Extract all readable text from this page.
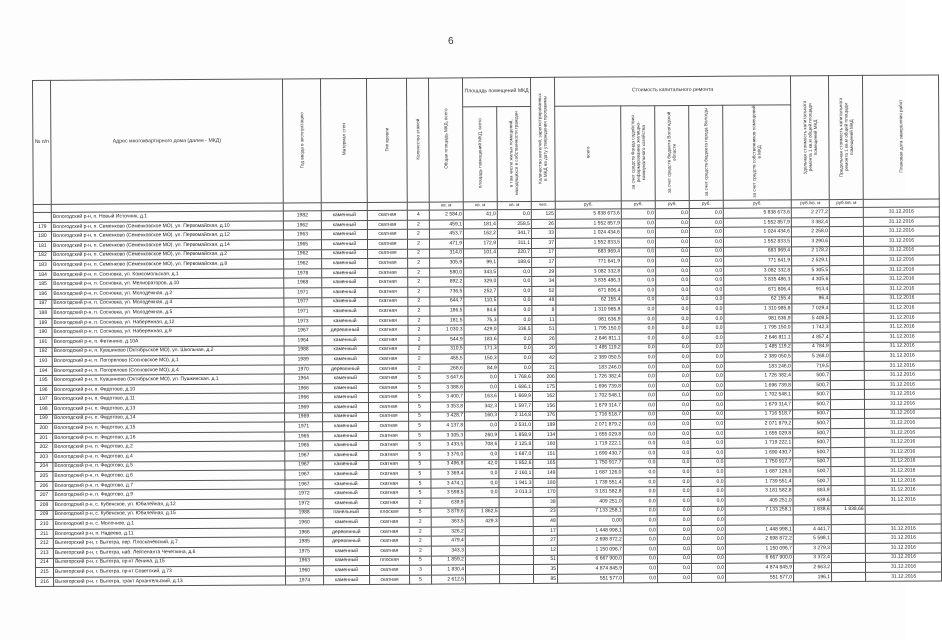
6
№ п/п	Адрес многоквартирного дома (далее - МКД)	Год ввода в эксплуатацию	Материал стен	Тип кровли	Количество этажей	Общая площадь МКД, всего	Площадь помещений МКД		Количество жителей, зарегистрированных в МКД на дату утверждения программы	Стоимость капитального ремонта					Удельная стоимость капитального ремонта 1 кв.м общей площади помещений МКД	Предельная стоимость капитального ремонта 1 кв.м общей площади помещений МКД	Плановая дата завершения работ
							площадь помещений МКД, всего	в том числе жилых помещений, находящихся в собственности граждан		всего	за счет средств Фонда содействия реформированию жилищно-коммунального хозяйства	за счет средств бюджета Вологодской области	за счет средств бюджета города Вологды	за счет средств собственников помещений в МКД			
						кв. м	кв. м	кв. м	чел.	руб.	руб.	руб.	руб.	руб.	руб./кв. м	руб./кв. м	
	Вологодский р-н, п. Новый Источник, д.1	1982	каменный	скатная	4	2 584,0	41,0	0,0	125	5 838 673,6	0,0	0,0	0,0	5 838 673,6	2 277,2		31.12.2016
179	Вологодский р-н, п. Семенково (Семенковское МО), ул. Первомайская, д.10	1962	каменный	скатная	2	459,1	181,4	258,5	26	1 552 857,9	0,0	0,0	0,0	1 552 857,9	3 382,4		31.12.2016
180	Вологодский р-н, п. Семенково (Семенковское МО), ул. Первомайская, д.12	1963	каменный	скатная	2	453,7	162,2	341,7	33	1 024 434,6	0,0	0,0	0,0	1 024 434,6	2 258,0		31.12.2016
181	Вологодский р-н, п. Семенково (Семенковское МО), ул. Первомайская, д.14	1965	каменный	скатная	2	471,9	172,9	311,1	37	1 552 833,5	0,0	0,0	0,0	1 552 833,5	3 290,6		31.12.2016
182	Вологодский р-н, п. Семенково (Семенковское МО), ул. Первомайская, д.2	1962	каменный	скатная	2	314,0	101,4	220,7	17	683 969,4	0,0	0,0	0,0	683 969,4	2 178,2		31.12.2016
183	Вологодский р-н, п. Семенково (Семенковское МО), ул. Первомайская, д.8	1962	каменный	скатная	2	305,9	99,1	188,6	17	771 641,9	0,0	0,0	0,0	771 641,9	2 529,1		31.12.2016
184	Вологодский р-н, п. Сосновка, ул. Комсомольская, д.1	1978	каменный	скатная	2	580,0	343,5	0,0	29	3 082 332,8	0,0	0,0	0,0	3 082 332,8	5 305,5		31.12.2016
185	Вологодский р-н, п. Сосновка, ул. Мелиораторов, д.10	1968	каменный	скатная	2	892,2	329,0	0,0	34	3 835 486,3	0,0	0,0	0,0	3 835 486,3	4 305,6		31.12.2016
186	Вологодский р-н, п. Сосновка, ул. Молодежная, д.2	1971	каменный	скатная	2	736,5	252,7	0,0	52	671 806,4	0,0	0,0	0,0	671 806,4	913,4		31.12.2016
187	Вологодский р-н, п. Сосновка, ул. Молодежная, д.4	1977	каменный	скатная	2	644,7	110,5	0,0	48	62 155,4	0,0	0,0	0,0	62 155,4	96,4		31.12.2016
188	Вологодский р-н, п. Сосновка, ул. Молодежная, д.5	1971	каменный	скатная	2	186,5	84,6	0,0	8	1 310 985,8	0,0	0,0	0,0	1 310 985,8	7 029,4		31.12.2016
189	Вологодский р-н, п. Сосновка, ул. Набережная, д.12	1973	каменный	скатная	2	181,5	75,3	0,0	11	981 636,9	0,0	0,0	0,0	981 636,9	5 408,5		31.12.2016
190	Вологодский р-н, п. Сосновка, ул. Набережная, д.9	1967	деревянный	скатная	2	1 030,3	429,0	336,5	51	1 795 150,0	0,0	0,0	0,0	1 795 150,0	1 742,3		31.12.2016
191	Вологодский р-н, п. Фетинино, д.10А	1964	каменный	скатная	2	544,9	183,6	0,0	26	2 646 811,1	0,0	0,0	0,0	2 646 811,1	4 857,4		31.12.2016
192	Вологодский р-н, п. Кувшиново (Октябрьское МО), ул. Школьная, д.2	1988	каменный	скатная	2	310,5	171,3	0,0	20	1 485 119,2	0,0	0,0	0,0	1 485 119,2	4 784,9		31.12.2016
193	Вологодский р-н, п. Погорелово (Сосновское МО), д.1	1989	каменный	скатная	2	455,5	150,3	0,0	42	2 389 050,5	0,0	0,0	0,0	2 389 050,5	5 268,0		31.12.2016
194	Вологодский р-н, п. Погорелово (Сосновское МО), д.4	1970	деревянный	скатная	2	268,6	84,9	0,0	21	183 246,0	0,0	0,0	0,0	183 246,0	719,5		31.12.2016
195	Вологодский р-н, п. Кувшиново (Октябрьское МО), ул. Пушкинская, д.1	1964	каменный	скатная	5	3 647,6	0,0	1 768,6	206	1 726 382,4	0,0	0,0	0,0	1 726 382,4	500,7		31.12.2016
196	Вологодский р-н, п. Федотово, д.10	1966	каменный	скатная	5	3 388,6	0,0	1 686,1	175	1 696 739,8	0,0	0,0	0,0	1 696 739,8	500,7		31.12.2016
197	Вологодский р-н, п. Федотово, д.11	1966	каменный	скатная	5	3 400,7	163,6	1 669,9	162	1 702 548,1	0,0	0,0	0,0	1 702 548,1	500,7		31.12.2016
198	Вологодский р-н, п. Федотово, д.13	1969	каменный	скатная	5	3 353,8	342,3	1 597,7	156	1 679 314,7	0,0	0,0	0,0	1 679 314,7	500,7		31.12.2016
199	Вологодский р-н, п. Федотово, д.14	1969	каменный	скатная	5	3 428,7	160,3	2 114,8	176	1 716 518,7	0,0	0,0	0,0	1 716 518,7	500,7		31.12.2016
200	Вологодский р-н, п. Федотово, д.15	1971	каменный	скатная	5	4 137,8	0,0	2 531,0	189	2 071 879,2	0,0	0,0	0,0	2 071 879,2	500,7		31.12.2016
201	Вологодский р-н, п. Федотово, д.16	1965	каменный	скатная	5	3 305,3	260,9	1 858,9	134	1 655 029,8	0,0	0,0	0,0	1 655 029,8	500,7		31.12.2016
202	Вологодский р-н, п. Федотово, д.2	1965	каменный	скатная	5	3 433,5	708,6	2 125,8	160	1 719 222,1	0,0	0,0	0,0	1 719 222,1	500,7		31.12.2016
203	Вологодский р-н, п. Федотово, д.4	1967	каменный	скатная	5	3 376,0	0,0	1 687,0	151	1 690 430,7	0,0	0,0	0,0	1 690 430,7	500,7		31.12.2016
204	Вологодский р-н, п. Федотово, д.5	1967	каменный	скатная	5	3 496,8	42,0	1 852,6	165	1 750 917,7	0,0	0,0	0,0	1 750 917,7	500,7		31.12.2016
205	Вологодский р-н, п. Федотово, д.6	1967	каменный	скатная	5	3 369,4	0,0	2 160,1	149	1 687 126,0	0,0	0,0	0,0	1 687 126,0	500,7		31.12.2016
206	Вологодский р-н, п. Федотово, д.7	1967	каменный	скатная	5	3 474,1	0,0	1 941,3	180	1 739 551,4	0,0	0,0	0,0	1 739 551,4	500,7		31.12.2016
207	Вологодский р-н, п. Федотово, д.9	1972	каменный	скатная	5	3 598,5	0,0	3 013,3	170	3 181 582,8	0,0	0,0	0,0	3 181 582,8	883,9		31.12.2016
208	Вологодский р-н, с. Кубенское, ул. Юбилейная, д.12	1972	каменный	скатная	2	639,9			38	409 251,0	0,0	0,0	0,0	409 251,0	639,6		31.12.2016
209	Вологодский р-н, с. Кубенское, ул. Юбилейная, д.15	1988	панельный	плоская	5	3 879,6	1 862,5		23	7 133 258,1	0,0	0,0	0,0	7 133 258,1	1 838,6	1 838,66	
210	Вологодский р-н, с. Молочное, д.1	1960	каменный	скатная	2	363,5	429,3		48	0,00	0,0	0,0	0,0				
211	Вологодский р-н, п. Надеево, д.11	1966	деревянный	скатная	2	326,2			17	1 448 998,1	0,0	0,0	0,0	1 448 998,1	4 441,7		31.12.2016
212	Вытегорский р-н, г. Вытегра, пер. Плоскачёвский, д.7	1985	деревянный	скатная	2	479,4			27	2 698 872,2	0,0	0,0	0,0	2 698 872,2	5 598,1		31.12.2016
213	Вытегорский р-н, г. Вытегра, наб. Лейтенанта Чечеткина, д.6	1975	каменный	скатная	2	343,3			12	1 150 096,7	0,0	0,0	0,0	1 150 096,7	3 279,3		31.12.2016
214	Вытегорский р-н, г. Вытегра, пр-кт Ленина, д.15	1963	каменный	плоская	5	1 859,2			51	6 667 900,0	0,0	0,0	0,0	6 667 900,0	3 372,4		31.12.2016
215	Вытегорский р-н, г. Вытегра, пр-кт Советский, д.73	1960	каменный	скатная	3	1 830,4			35	4 874 845,9	0,0	0,0	0,0	4 874 845,9	2 663,2		31.12.2016
216	Вытегорский р-н, г. Вытегра, тракт Архангельский, д.13	1974	каменный	скатная	5	2 612,5			85	551 577,0	0,0	0,0	0,0	551 577,0	196,1		31.12.2016
